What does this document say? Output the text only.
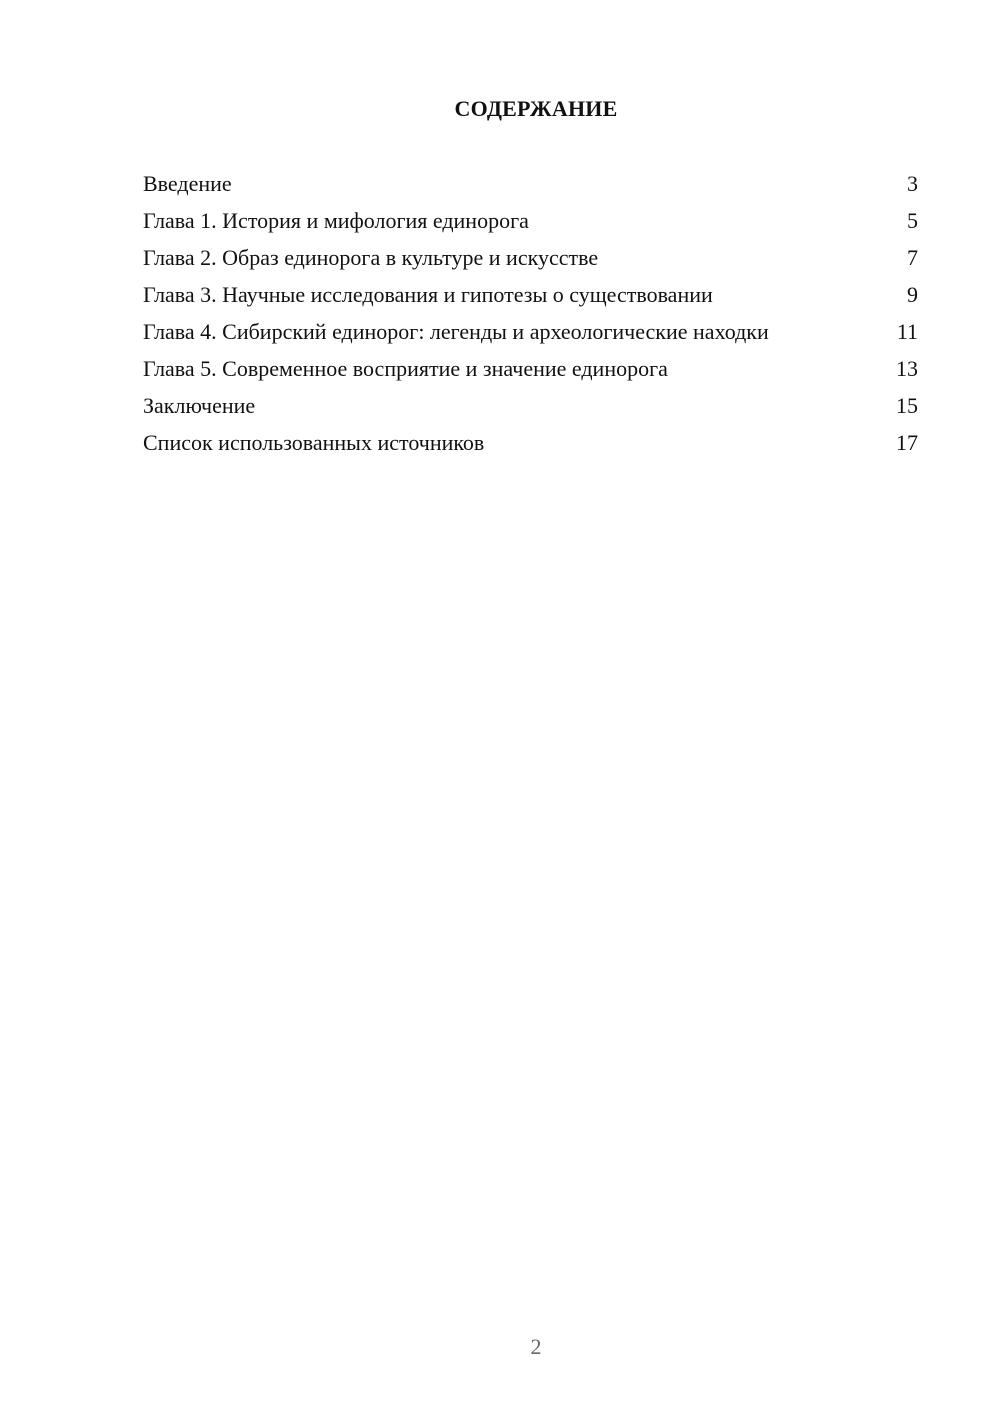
СОДЕРЖАНИЕ
Введение	3
Глава 1. История и мифология единорога	5
Глава 2. Образ единорога в культуре и искусстве	7
Глава 3. Научные исследования и гипотезы о существовании	9
Глава 4. Сибирский единорог: легенды и археологические находки	11
Глава 5. Современное восприятие и значение единорога	13
Заключение	15
Список использованных источников	17
2
